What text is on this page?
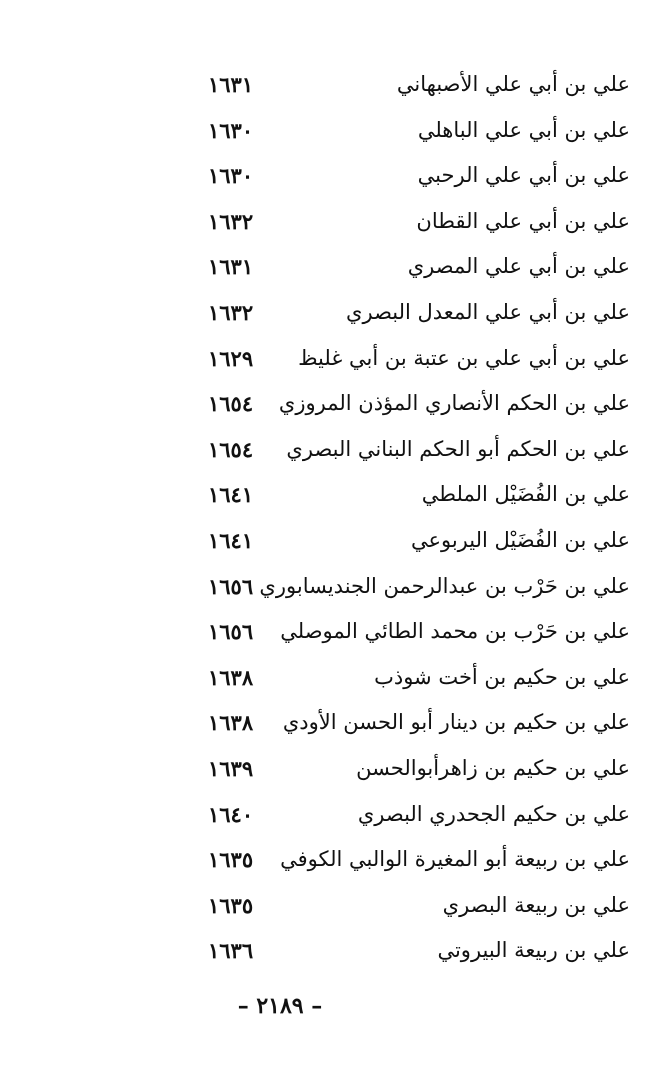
علي بن أبي علي الأصبهاني
١٦٣١
علي بن أبي علي الباهلي
١٦٣٠
علي بن أبي علي الرحبي
١٦٣٠
علي بن أبي علي القطان
١٦٣٢
علي بن أبي علي المصري
١٦٣١
علي بن أبي علي المعدل البصري
١٦٣٢
علي بن أبي علي بن عتبة بن أبي غليظ
١٦٢٩
علي بن الحكم الأنصاري المؤذن المروزي
١٦٥٤
علي بن الحكم أبو الحكم البناني البصري
١٦٥٤
علي بن الفُضَيْل الملطي
١٦٤١
علي بن الفُضَيْل اليربوعي
١٦٤١
علي بن حَرْب بن عبدالرحمن الجنديسابوري
١٦٥٦
علي بن حَرْب بن محمد الطائي الموصلي
١٦٥٦
علي بن حكيم بن أخت شوذب
١٦٣٨
علي بن حكيم بن دينار أبو الحسن الأودي
١٦٣٨
علي بن حكيم بن زاهرأبوالحسن
١٦٣٩
علي بن حكيم الجحدري البصري
١٦٤٠
علي بن ربيعة أبو المغيرة الوالبي الكوفي
١٦٣٥
علي بن ربيعة البصري
١٦٣٥
علي بن ربيعة البيروتي
١٦٣٦
– ٢١٨٩ –
